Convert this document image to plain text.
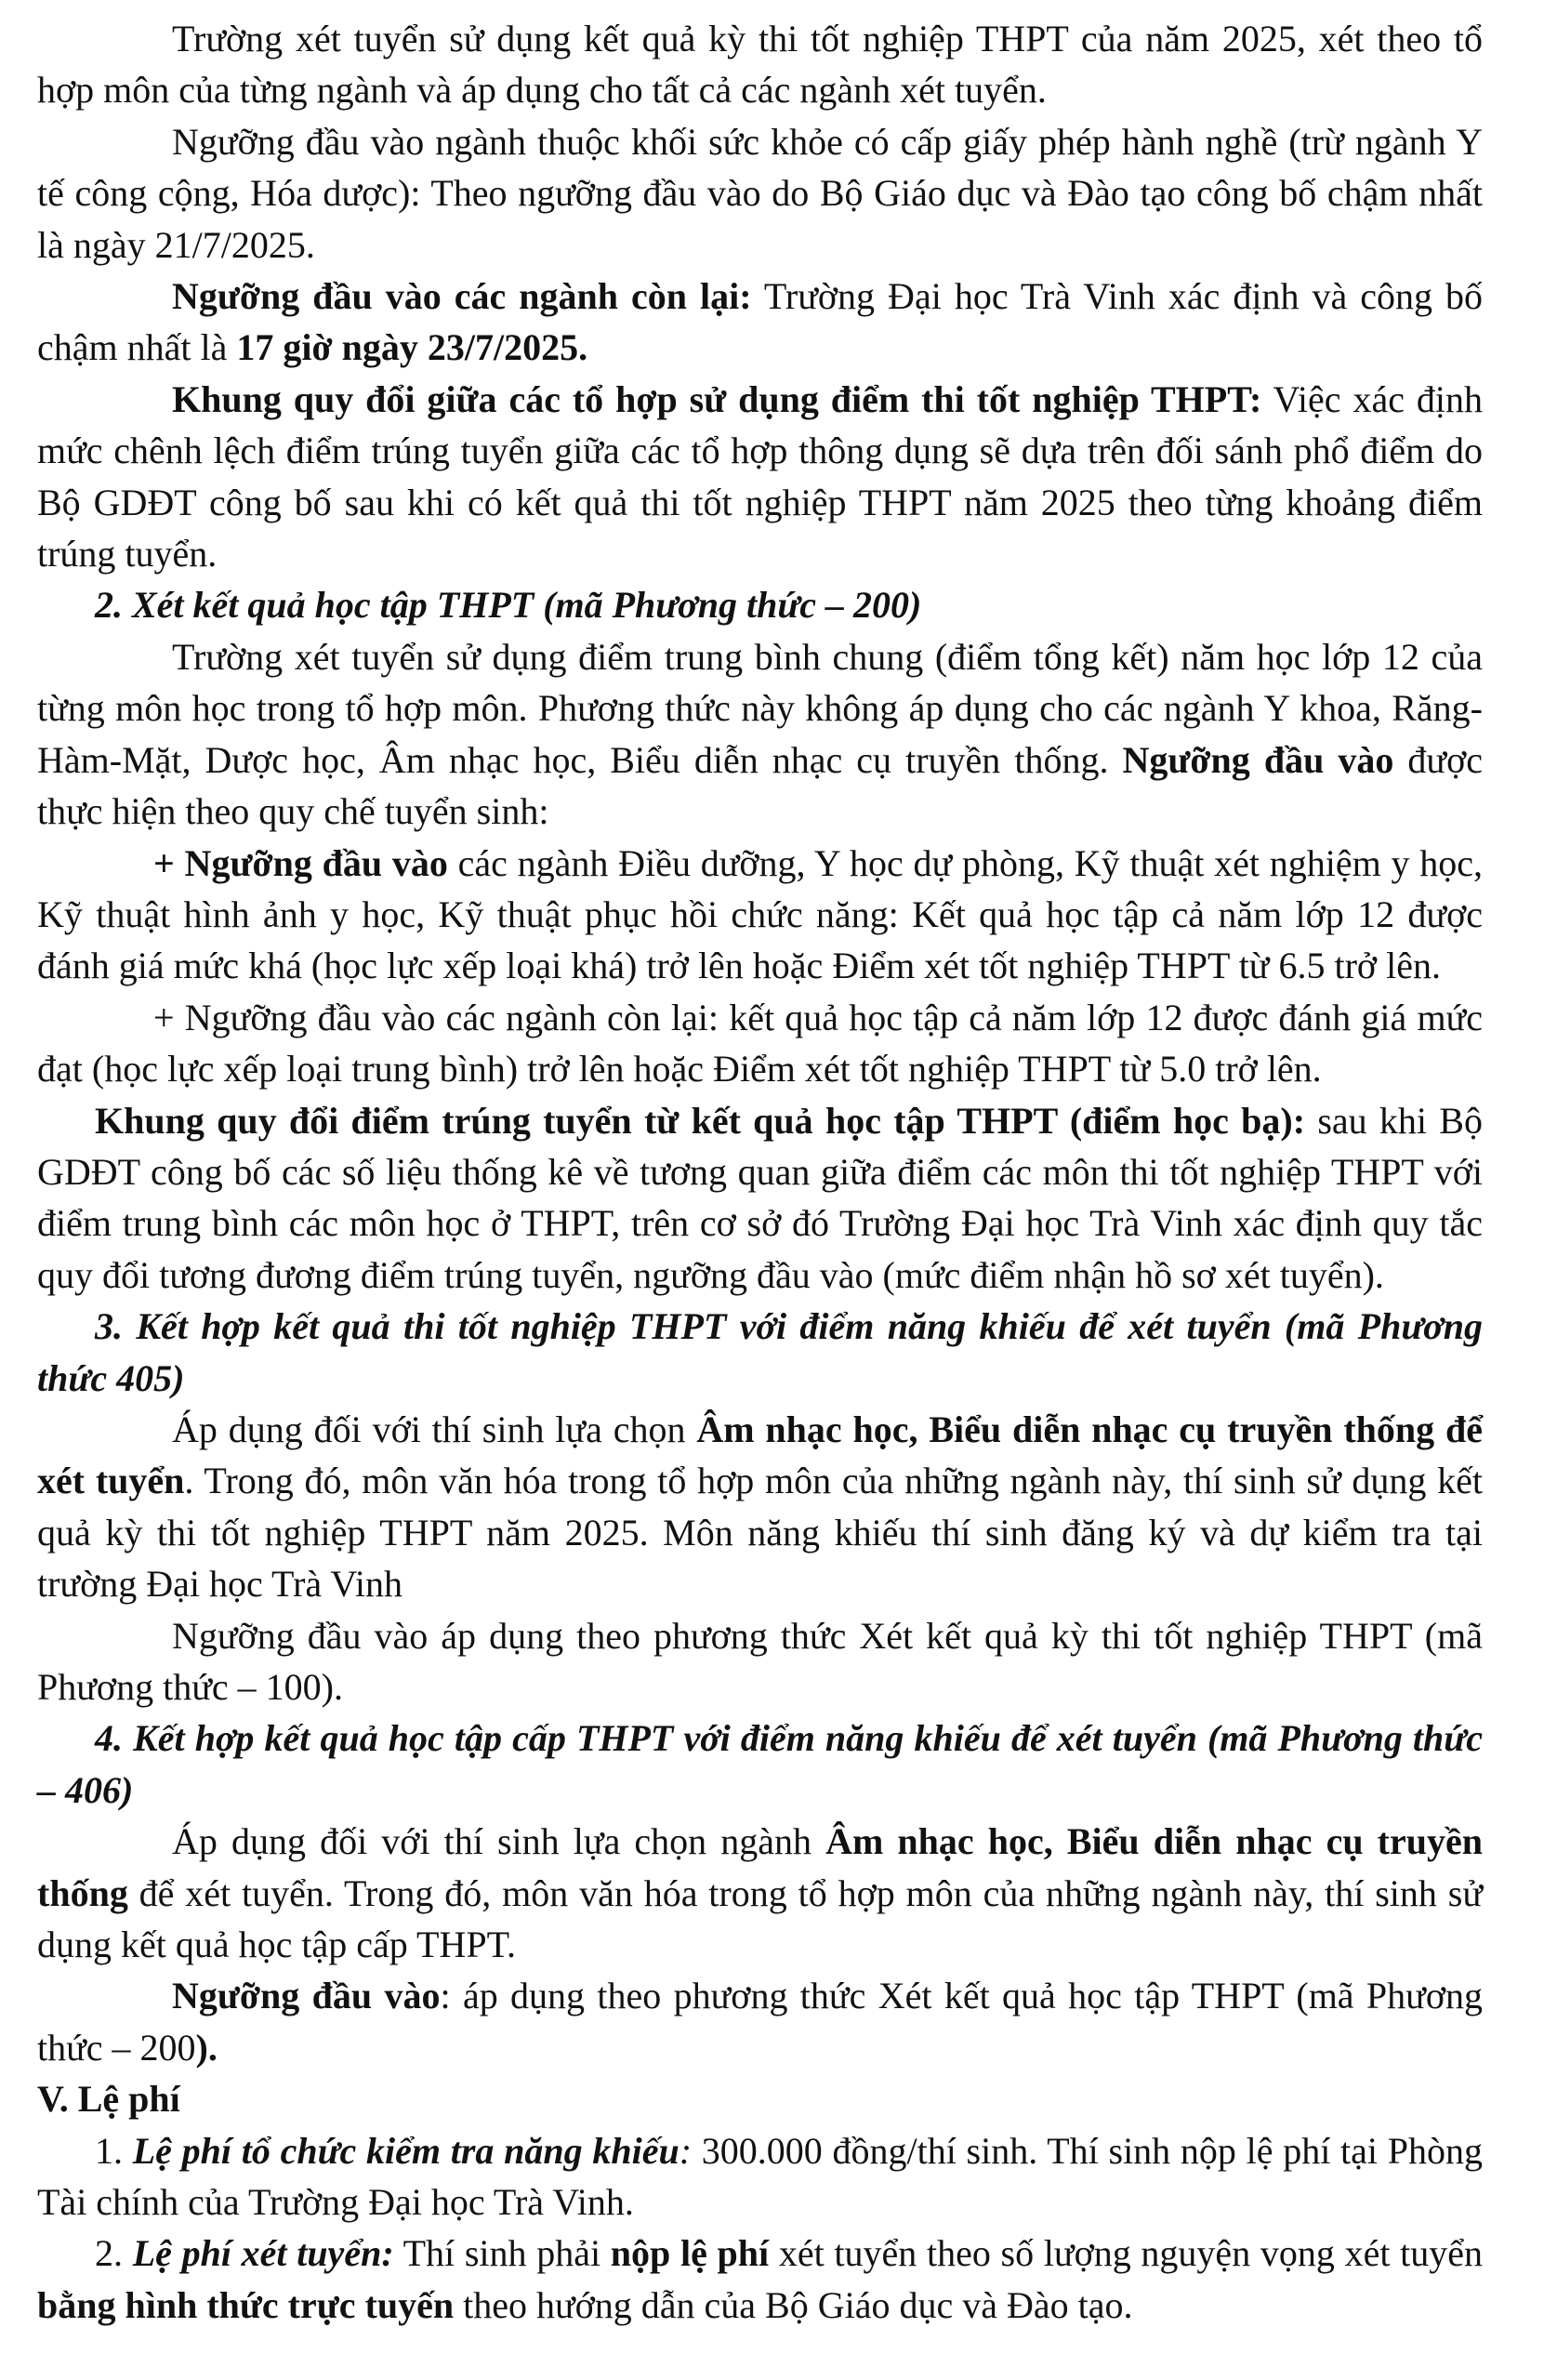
Trường xét tuyển sử dụng kết quả kỳ thi tốt nghiệp THPT của năm 2025, xét theo tổ hợp môn của từng ngành và áp dụng cho tất cả các ngành xét tuyển.

Ngưỡng đầu vào ngành thuộc khối sức khỏe có cấp giấy phép hành nghề (trừ ngành Y tế công cộng, Hóa dược): Theo ngưỡng đầu vào do Bộ Giáo dục và Đào tạo công bố chậm nhất là ngày 21/7/2025.

Ngưỡng đầu vào các ngành còn lại: Trường Đại học Trà Vinh xác định và công bố chậm nhất là 17 giờ ngày 23/7/2025.

Khung quy đổi giữa các tổ hợp sử dụng điểm thi tốt nghiệp THPT: Việc xác định mức chênh lệch điểm trúng tuyển giữa các tổ hợp thông dụng sẽ dựa trên đối sánh phổ điểm do Bộ GDĐT công bố sau khi có kết quả thi tốt nghiệp THPT năm 2025 theo từng khoảng điểm trúng tuyển.

2. Xét kết quả học tập THPT (mã Phương thức – 200)

Trường xét tuyển sử dụng điểm trung bình chung (điểm tổng kết) năm học lớp 12 của từng môn học trong tổ hợp môn. Phương thức này không áp dụng cho các ngành Y khoa, Răng-Hàm-Mặt, Dược học, Âm nhạc học, Biểu diễn nhạc cụ truyền thống. Ngưỡng đầu vào được thực hiện theo quy chế tuyển sinh:

+ Ngưỡng đầu vào các ngành Điều dưỡng, Y học dự phòng, Kỹ thuật xét nghiệm y học, Kỹ thuật hình ảnh y học, Kỹ thuật phục hồi chức năng: Kết quả học tập cả năm lớp 12 được đánh giá mức khá (học lực xếp loại khá) trở lên hoặc Điểm xét tốt nghiệp THPT từ 6.5 trở lên.

+ Ngưỡng đầu vào các ngành còn lại: kết quả học tập cả năm lớp 12 được đánh giá mức đạt (học lực xếp loại trung bình) trở lên hoặc Điểm xét tốt nghiệp THPT từ 5.0 trở lên.

Khung quy đổi điểm trúng tuyển từ kết quả học tập THPT (điểm học bạ): sau khi Bộ GDĐT công bố các số liệu thống kê về tương quan giữa điểm các môn thi tốt nghiệp THPT với điểm trung bình các môn học ở THPT, trên cơ sở đó Trường Đại học Trà Vinh xác định quy tắc quy đổi tương đương điểm trúng tuyển, ngưỡng đầu vào (mức điểm nhận hồ sơ xét tuyển).

3. Kết hợp kết quả thi tốt nghiệp THPT với điểm năng khiếu để xét tuyển (mã Phương thức 405)

Áp dụng đối với thí sinh lựa chọn Âm nhạc học, Biểu diễn nhạc cụ truyền thống để xét tuyển. Trong đó, môn văn hóa trong tổ hợp môn của những ngành này, thí sinh sử dụng kết quả kỳ thi tốt nghiệp THPT năm 2025. Môn năng khiếu thí sinh đăng ký và dự kiểm tra tại trường Đại học Trà Vinh

Ngưỡng đầu vào áp dụng theo phương thức Xét kết quả kỳ thi tốt nghiệp THPT (mã Phương thức – 100).

4. Kết hợp kết quả học tập cấp THPT với điểm năng khiếu để xét tuyển (mã Phương thức – 406)

Áp dụng đối với thí sinh lựa chọn ngành Âm nhạc học, Biểu diễn nhạc cụ truyền thống để xét tuyển. Trong đó, môn văn hóa trong tổ hợp môn của những ngành này, thí sinh sử dụng kết quả học tập cấp THPT.

Ngưỡng đầu vào: áp dụng theo phương thức Xét kết quả học tập THPT (mã Phương thức – 200).

V. Lệ phí

1. Lệ phí tổ chức kiểm tra năng khiếu: 300.000 đồng/thí sinh. Thí sinh nộp lệ phí tại Phòng Tài chính của Trường Đại học Trà Vinh.

2. Lệ phí xét tuyển: Thí sinh phải nộp lệ phí xét tuyển theo số lượng nguyện vọng xét tuyển bằng hình thức trực tuyến theo hướng dẫn của Bộ Giáo dục và Đào tạo.
